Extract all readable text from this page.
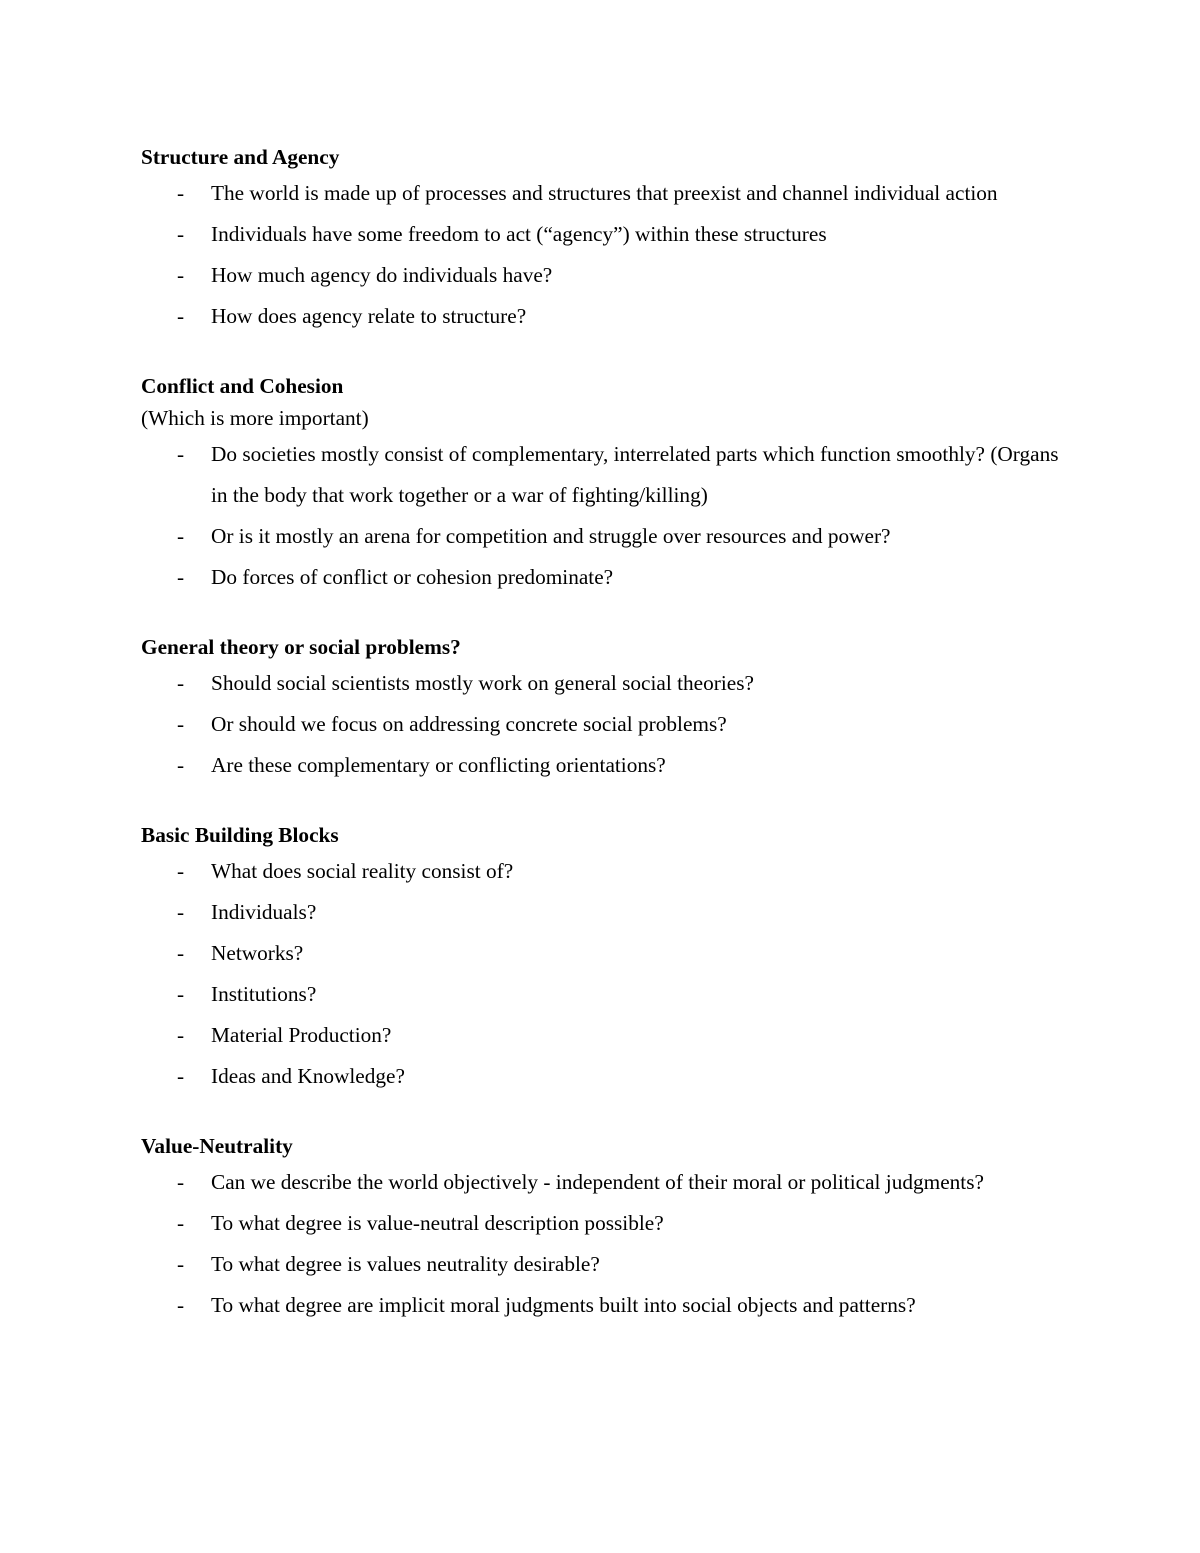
Structure and Agency

- The world is made up of processes and structures that preexist and channel individual action
- Individuals have some freedom to act (“agency”) within these structures
- How much agency do individuals have?
- How does agency relate to structure?

Conflict and Cohesion

(Which is more important)

- Do societies mostly consist of complementary, interrelated parts which function smoothly? (Organs in the body that work together or a war of fighting/killing)
- Or is it mostly an arena for competition and struggle over resources and power?
- Do forces of conflict or cohesion predominate?

General theory or social problems?

- Should social scientists mostly work on general social theories?
- Or should we focus on addressing concrete social problems?
- Are these complementary or conflicting orientations?

Basic Building Blocks

- What does social reality consist of?
- Individuals?
- Networks?
- Institutions?
- Material Production?
- Ideas and Knowledge?

Value-Neutrality

- Can we describe the world objectively - independent of their moral or political judgments?
- To what degree is value-neutral description possible?
- To what degree is values neutrality desirable?
- To what degree are implicit moral judgments built into social objects and patterns?
